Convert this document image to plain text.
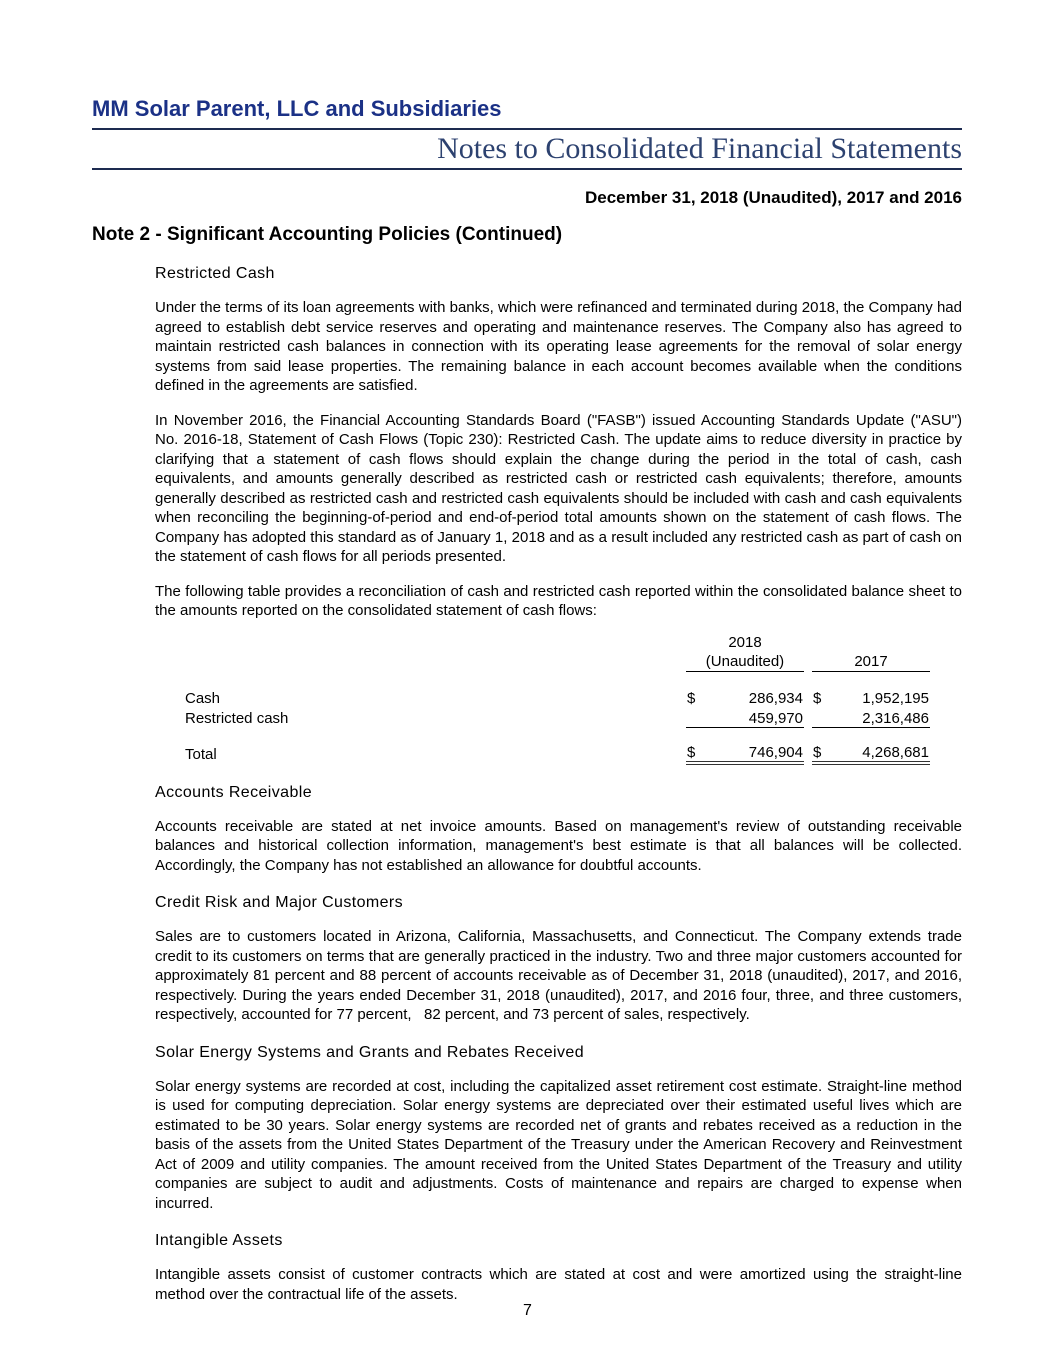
MM Solar Parent, LLC and Subsidiaries
Notes to Consolidated Financial Statements
December 31, 2018 (Unaudited), 2017 and 2016
Note 2 - Significant Accounting Policies (Continued)
Restricted Cash

Under the terms of its loan agreements with banks, which were refinanced and terminated during 2018, the Company had agreed to establish debt service reserves and operating and maintenance reserves. The Company also has agreed to maintain restricted cash balances in connection with its operating lease agreements for the removal of solar energy systems from said lease properties. The remaining balance in each account becomes available when the conditions defined in the agreements are satisfied.

In November 2016, the Financial Accounting Standards Board ("FASB") issued Accounting Standards Update ("ASU") No. 2016-18, Statement of Cash Flows (Topic 230): Restricted Cash. The update aims to reduce diversity in practice by clarifying that a statement of cash flows should explain the change during the period in the total of cash, cash equivalents, and amounts generally described as restricted cash or restricted cash equivalents; therefore, amounts generally described as restricted cash and restricted cash equivalents should be included with cash and cash equivalents when reconciling the beginning-of-period and end-of-period total amounts shown on the statement of cash flows. The Company has adopted this standard as of January 1, 2018 and as a result included any restricted cash as part of cash on the statement of cash flows for all periods presented.

The following table provides a reconciliation of cash and restricted cash reported within the consolidated balance sheet to the amounts reported on the consolidated statement of cash flows:

	2018
(Unaudited)		2017

Cash	$ 286,934		$ 1,952,195

Restricted cash	459,970		2,316,486

Total	$ 746,904		$ 4,268,681
Accounts Receivable

Accounts receivable are stated at net invoice amounts. Based on management's review of outstanding receivable balances and historical collection information, management's best estimate is that all balances will be collected. Accordingly, the Company has not established an allowance for doubtful accounts.

Credit Risk and Major Customers

Sales are to customers located in Arizona, California, Massachusetts, and Connecticut. The Company extends trade credit to its customers on terms that are generally practiced in the industry. Two and three major customers accounted for approximately 81 percent and 88 percent of accounts receivable as of December 31, 2018 (unaudited), 2017, and 2016, respectively. During the years ended December 31, 2018 (unaudited), 2017, and 2016 four, three, and three customers, respectively, accounted for 77 percent,   82 percent, and 73 percent of sales, respectively.

Solar Energy Systems and Grants and Rebates Received

Solar energy systems are recorded at cost, including the capitalized asset retirement cost estimate. Straight-line method is used for computing depreciation. Solar energy systems are depreciated over their estimated useful lives which are estimated to be 30 years. Solar energy systems are recorded net of grants and rebates received as a reduction in the basis of the assets from the United States Department of the Treasury under the American Recovery and Reinvestment Act of 2009 and utility companies. The amount received from the United States Department of the Treasury and utility companies are subject to audit and adjustments. Costs of maintenance and repairs are charged to expense when incurred.

Intangible Assets

Intangible assets consist of customer contracts which are stated at cost and were amortized using the straight-line method over the contractual life of the assets.

7
